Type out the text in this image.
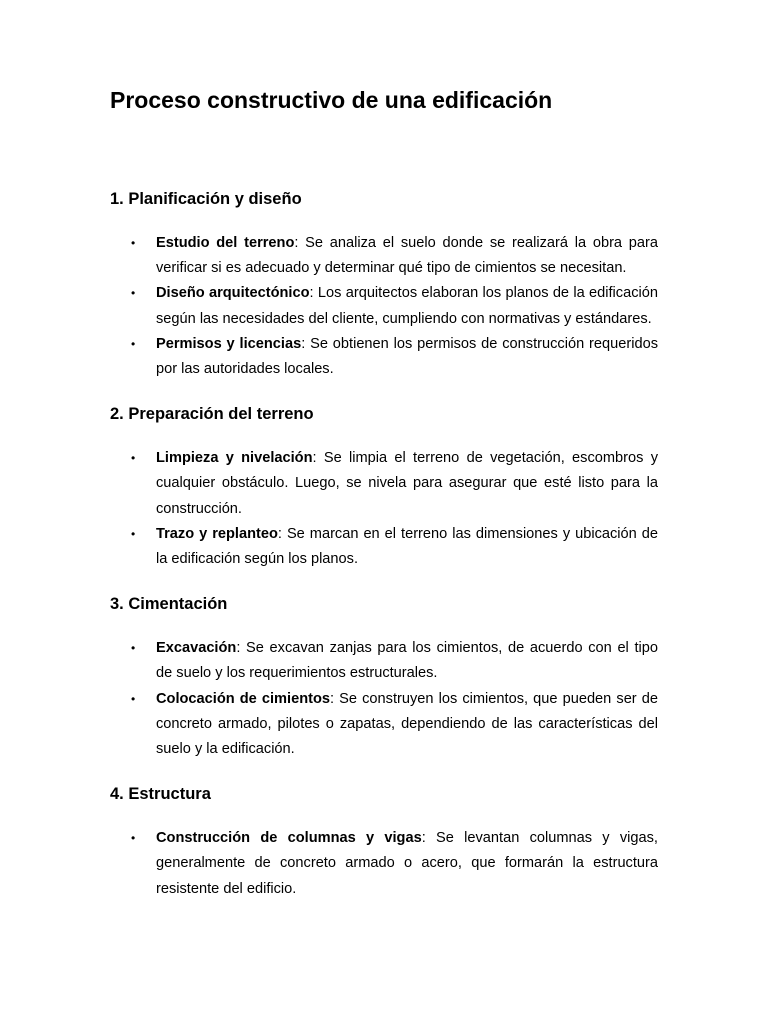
Proceso constructivo de una edificación
1. Planificación y diseño
• Estudio del terreno: Se analiza el suelo donde se realizará la obra para verificar si es adecuado y determinar qué tipo de cimientos se necesitan.
• Diseño arquitectónico: Los arquitectos elaboran los planos de la edificación según las necesidades del cliente, cumpliendo con normativas y estándares.
• Permisos y licencias: Se obtienen los permisos de construcción requeridos por las autoridades locales.
2. Preparación del terreno
• Limpieza y nivelación: Se limpia el terreno de vegetación, escombros y cualquier obstáculo. Luego, se nivela para asegurar que esté listo para la construcción.
• Trazo y replanteo: Se marcan en el terreno las dimensiones y ubicación de la edificación según los planos.
3. Cimentación
• Excavación: Se excavan zanjas para los cimientos, de acuerdo con el tipo de suelo y los requerimientos estructurales.
• Colocación de cimientos: Se construyen los cimientos, que pueden ser de concreto armado, pilotes o zapatas, dependiendo de las características del suelo y la edificación.
4. Estructura
• Construcción de columnas y vigas: Se levantan columnas y vigas, generalmente de concreto armado o acero, que formarán la estructura resistente del edificio.
